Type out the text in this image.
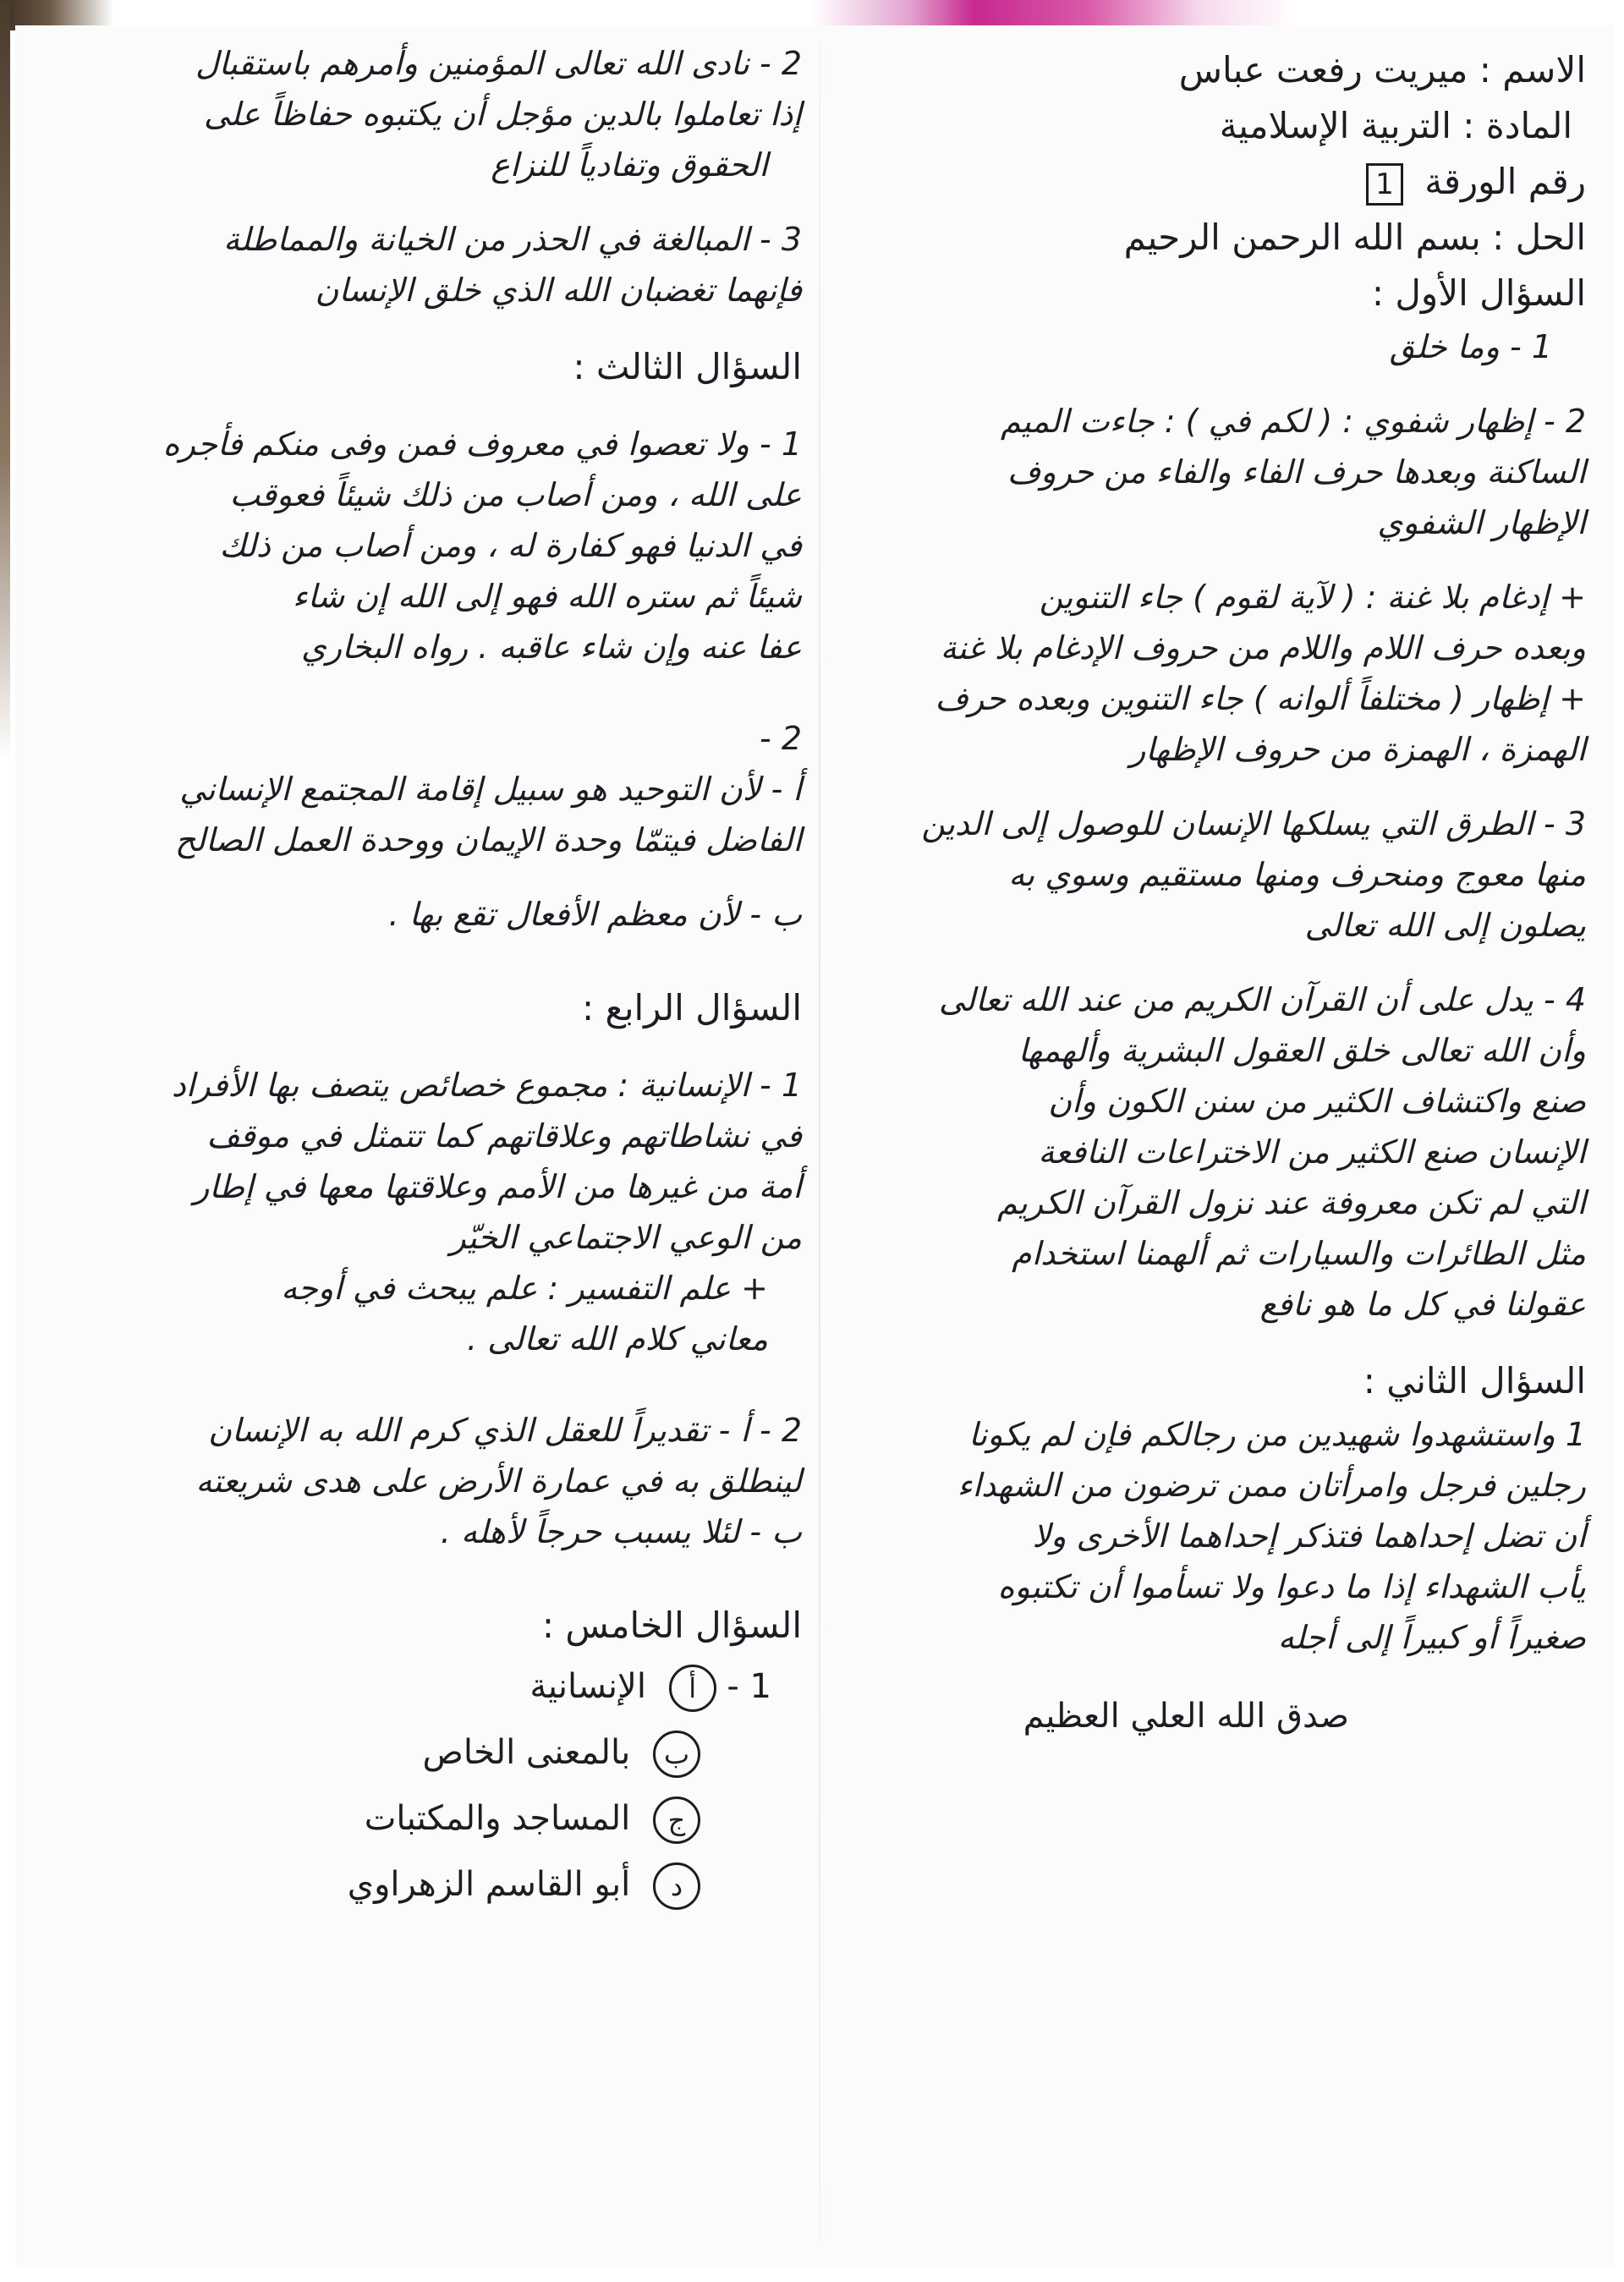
الاسم : ميريت رفعت عباس
المادة : التربية الإسلامية
رقم الورقة 1
الحل : بسم الله الرحمن الرحيم
السؤال الأول :
1 - وما خلق
2 - إظهار شفوي : ( لكم في ) : جاءت الميم
الساكنة وبعدها حرف الفاء والفاء من حروف
الإظهار الشفوي
+ إدغام بلا غنة : ( لآية لقوم ) جاء التنوين
وبعده حرف اللام واللام من حروف الإدغام بلا غنة
+ إظهار ( مختلفاً ألوانه ) جاء التنوين وبعده حرف
الهمزة ، الهمزة من حروف الإظهار
3 - الطرق التي يسلكها الإنسان للوصول إلى الدين
منها معوج ومنحرف ومنها مستقيم وسوي به
يصلون إلى الله تعالى
4 - يدل على أن القرآن الكريم من عند الله تعالى
وأن الله تعالى خلق العقول البشرية وألهمها
صنع واكتشاف الكثير من سنن الكون وأن
الإنسان صنع الكثير من الاختراعات النافعة
التي لم تكن معروفة عند نزول القرآن الكريم
مثل الطائرات والسيارات ثم ألهمنا استخدام
عقولنا في كل ما هو نافع
السؤال الثاني :
1 واستشهدوا شهيدين من رجالكم فإن لم يكونا
رجلين فرجل وامرأتان ممن ترضون من الشهداء
أن تضل إحداهما فتذكر إحداهما الأخرى ولا
يأب الشهداء إذا ما دعوا ولا تسأموا أن تكتبوه
صغيراً أو كبيراً إلى أجله
صدق الله العلي العظيم
2 - نادى الله تعالى المؤمنين وأمرهم باستقبال
إذا تعاملوا بالدين مؤجل أن يكتبوه حفاظاً على
الحقوق وتفادياً للنزاع
3 - المبالغة في الحذر من الخيانة والمماطلة
فإنهما تغضبان الله الذي خلق الإنسان
السؤال الثالث :
1 - ولا تعصوا في معروف فمن وفى منكم فأجره
على الله ، ومن أصاب من ذلك شيئاً فعوقب
في الدنيا فهو كفارة له ، ومن أصاب من ذلك
شيئاً ثم ستره الله فهو إلى الله إن شاء
عفا عنه وإن شاء عاقبه . رواه البخاري
2 -
أ - لأن التوحيد هو سبيل إقامة المجتمع الإنساني
الفاضل فيتمّا وحدة الإيمان ووحدة العمل الصالح
ب - لأن معظم الأفعال تقع بها .
السؤال الرابع :
1 - الإنسانية : مجموع خصائص يتصف بها الأفراد
في نشاطاتهم وعلاقاتهم كما تتمثل في موقف
أمة من غيرها من الأمم وعلاقتها معها في إطار
من الوعي الاجتماعي الخيّر
+ علم التفسير : علم يبحث في أوجه
معاني كلام الله تعالى .
2 - أ - تقديراً للعقل الذي كرم الله به الإنسان
لينطلق به في عمارة الأرض على هدى شريعته
ب - لئلا يسبب حرجاً لأهله .
السؤال الخامس :
1 - أ الإنسانية
ب بالمعنى الخاص
ج المساجد والمكتبات
د أبو القاسم الزهراوي
